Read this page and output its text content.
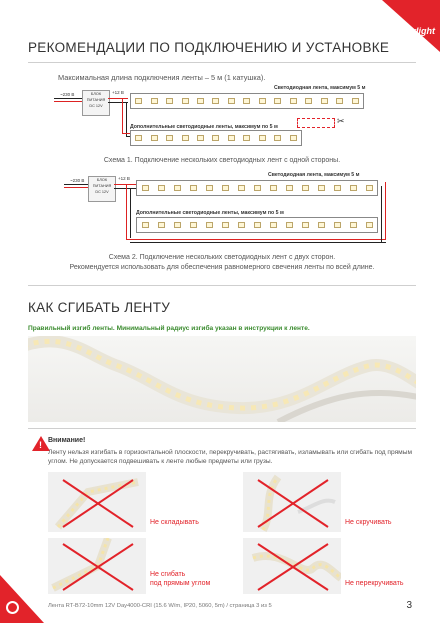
РЕКОМЕНДАЦИИ ПО ПОДКЛЮЧЕНИЮ И УСТАНОВКЕ
arlight
Максимальная длина подключения ленты – 5 м (1 катушка).
~230 В	БЛОК
ПИТАНИЯ
DC 12V
+12 В
Светодиодная лента, максимум 5 м
✂
Дополнительные светодиодные ленты, максимум по 5 м
Схема 1. Подключение нескольких светодиодных лент с одной стороны.
~230 В	БЛОК
ПИТАНИЯ
DC 12V
+12 В
Светодиодная лента, максимум 5 м
Дополнительные светодиодные ленты, максимум по 5 м
Схема 2. Подключение нескольких светодиодных лент с двух сторон.
Рекомендуется использовать для обеспечения равномерного свечения ленты по всей длине.
КАК СГИБАТЬ ЛЕНТУ
Правильный изгиб ленты. Минимальный радиус изгиба указан в инструкции к ленте.
! Внимание!
Ленту нельзя изгибать в горизонтальной плоскости, перекручивать, растягивать, изламывать или сгибать под прямым углом. Не допускается подвешивать к ленте любые предметы или грузы.
Не складывать	Не скручивать
Не сгибать
под прямым углом	Не перекручивать
Лента RT-B72-10mm 12V Day4000-CRI (15.6 W/m, IP20, 5060, 5m) / страница 3 из 5	3
